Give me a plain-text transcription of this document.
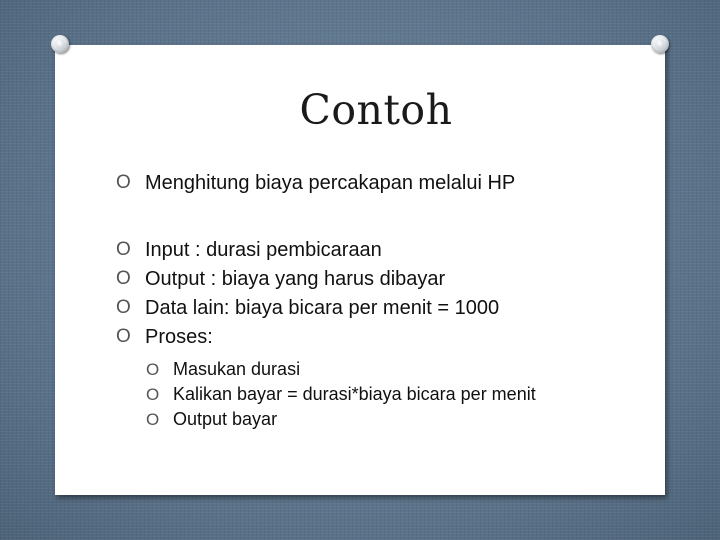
Contoh
O Menghitung biaya percakapan melalui HP
O Input : durasi pembicaraan
O Output : biaya yang harus dibayar
O Data lain: biaya bicara per menit = 1000
O Proses:
O Masukan durasi
O Kalikan bayar = durasi*biaya bicara per menit
O Output bayar
